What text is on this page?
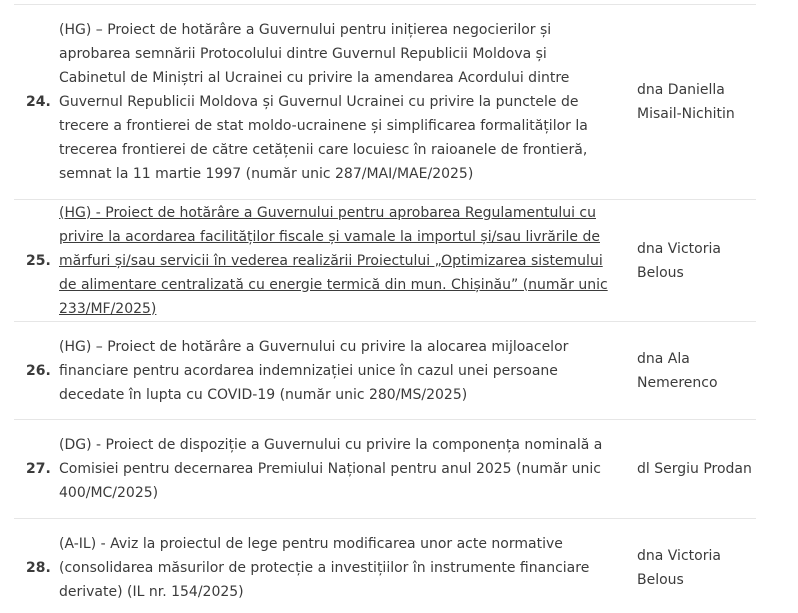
24.
(HG) – Proiect de hotărâre a Guvernului pentru inițierea negocierilor și aprobarea semnării Protocolului dintre Guvernul Republicii Moldova și Cabinetul de Miniștri al Ucrainei cu privire la amendarea Acordului dintre Guvernul Republicii Moldova și Guvernul Ucrainei cu privire la punctele de trecere a frontierei de stat moldo-ucrainene și simplificarea formalităților la trecerea frontierei de către cetățenii care locuiesc în raioanele de frontieră, semnat la 11 martie 1997 (număr unic 287/MAI/MAE/2025)
dna Daniella Misail-Nichitin
25.
(HG) - Proiect de hotărâre a Guvernului pentru aprobarea Regulamentului cu privire la acordarea facilităților fiscale și vamale la importul și/sau livrările de mărfuri și/sau servicii în vederea realizării Proiectului „Optimizarea sistemului de alimentare centralizată cu energie termică din mun. Chișinău” (număr unic 233/MF/2025)
dna Victoria Belous
26.
(HG) – Proiect de hotărâre a Guvernului cu privire la alocarea mijloacelor financiare pentru acordarea indemnizației unice în cazul unei persoane decedate în lupta cu COVID-19 (număr unic 280/MS/2025)
dna Ala Nemerenco
27.
(DG) - Proiect de dispoziție a Guvernului cu privire la componența nominală a Comisiei pentru decernarea Premiului Național pentru anul 2025 (număr unic 400/MC/2025)
dl Sergiu Prodan
28.
(A-IL) - Aviz la proiectul de lege pentru modificarea unor acte normative (consolidarea măsurilor de protecție a investițiilor în instrumente financiare derivate) (IL nr. 154/2025)
dna Victoria Belous
